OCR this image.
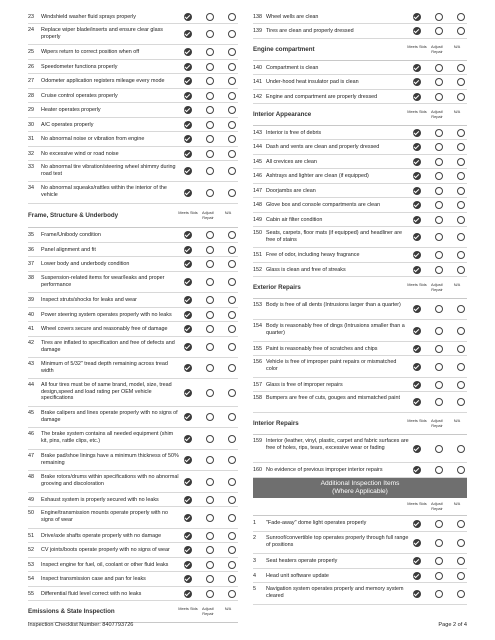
23	Windshield washer fluid sprays properly
24	Replace wiper blade/inserts and ensure clear glass properly
25	Wipers return to correct position when off
26	Speedometer functions properly
27	Odometer application registers mileage every mode
28	Cruise control operates properly
29	Heater operates properly
30	A/C operates properly
31	No abnormal noise or vibration from engine
32	No excessive wind or road noise
33	No abnormal tire vibration/steering wheel shimmy during road test
34	No abnormal squeaks/rattles within the interior of the vehicle
Frame, Structure & Underbody	Meets Stds	Adjust/ Repair
N/A
35	Frame/Unibody condition
36	Panel alignment and fit
37	Lower body and underbody condition
38	Suspension-related items for wear/leaks and proper performance
39	Inspect struts/shocks for leaks and wear
40	Power steering system operates properly with no leaks
41	Wheel covers secure and reasonably free of damage
42	Tires are inflated to specification and free of defects and damage
43	Minimum of 5/32" tread depth remaining across tread width
44	All four tires must be of same brand, model, size, tread design,speed and load rating per OEM vehicle specifications
45	Brake calipers and lines operate properly with no signs of damage
46	The brake system contains all needed equipment (shim kit, pins, rattle clips, etc.)
47	Brake pad/shoe linings have a minimum thickness of 50% remaining
48	Brake rotors/drums within specifications with no abnormal grooving and discoloration
49	Exhaust system is properly secured with no leaks
50	Engine/transmission mounts operate properly with no signs of wear
51	Drive/axle shafts operate properly with no damage
52	CV joints/boots operate properly with no signs of wear
53	Inspect engine for fuel, oil, coolant or other fluid leaks
54	Inspect transmission case and pan for leaks
55	Differential fluid level correct with no leaks
Emissions & State Inspection	Meets Stds	Adjust/ Repair
N/A
138 Wheel wells are clean
139 Tires are clean and properly dressed
Engine compartment	Meets Stds	Adjust/ Repair
N/A
140 Compartment is clean
141 Under-hood heat insulator pad is clean
142 Engine and compartment are properly dressed
Interior Appearance	Meets Stds	Adjust/ Repair
N/A
143 Interior is free of debris
144 Dash and vents are clean and properly dressed
145 All crevices are clean
146 Ashtrays and lighter are clean (if equipped)
147 Doorjambs are clean
148 Glove box and console compartments are clean
149 Cabin air filter condition
150 Seats, carpets, floor mats (if equipped) and headliner are free of stains
151 Free of odor, including heavy fragrance
152 Glass is clean and free of streaks
Exterior Repairs	Meets Stds	Adjust/ Repair
N/A
153 Body is free of all dents (Intrusions larger than a quarter)
154 Body is reasonably free of dings (Intrusions smaller than a quarter)
155 Paint is reasonably free of scratches and chips
156 Vehicle is free of improper paint repairs or mismatched color
157 Glass is free of improper repairs
158 Bumpers are free of cuts, gouges and mismatched paint
Interior Repairs	Meets Stds	Adjust/ Repair
N/A
159 Interior (leather, vinyl, plastic, carpet and fabric surfaces are free of holes, rips, tears, excessive wear or fading
160 No evidence of previous improper interior repairs
Additional Inspection Items
(Where Applicable)
Meets Stds	Adjust/ Repair
N/A
1	"Fade-away" dome light operates properly
2	Sunroof/convertible top operates properly through full range of positions
3	Seat heaters operate properly
4	Head unit software update
5	Navigation system operates properly and memory system cleared
Inspection Checklist Number: 8407793726	Page 2 of 4
